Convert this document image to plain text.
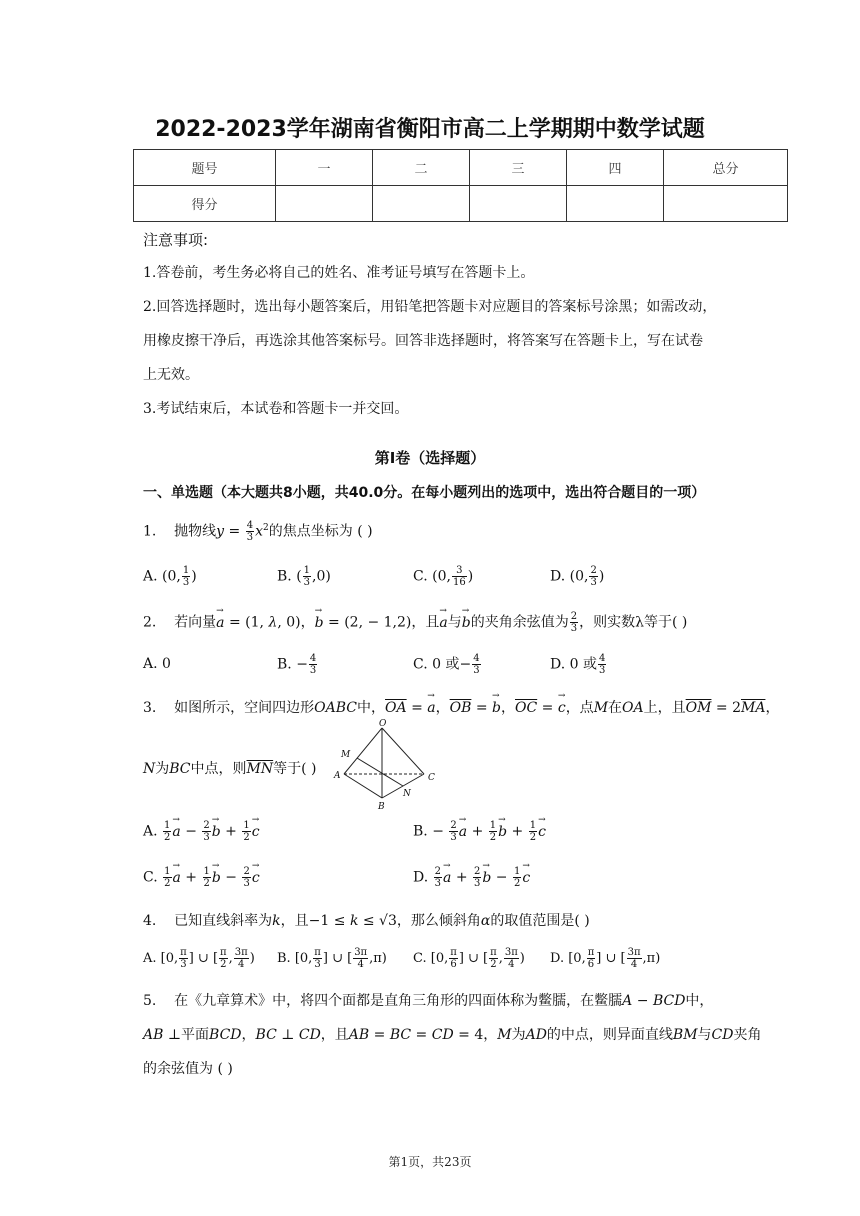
2022-2023学年湖南省衡阳市高二上学期期中数学试题
题号	一	二	三	四	总分
得分					
注意事项:
1.答卷前，考生务必将自己的姓名、准考证号填写在答题卡上。
2.回答选择题时，选出每小题答案后，用铅笔把答题卡对应题目的答案标号涂黑；如需改动，
用橡皮擦干净后，再选涂其他答案标号。回答非选择题时，将答案写在答题卡上，写在试卷
上无效。
3.考试结束后，本试卷和答题卡一并交回。
第I卷（选择题）
一、单选题（本大题共8小题，共40.0分。在每小题列出的选项中，选出符合题目的一项）
1. 抛物线$y = \frac{4}{3} x^2$的焦点坐标为 ( )
A. (0, $\frac{1}{3}$ )	B. ( $\frac{1}{3} ,0$)	C. (0, $\frac{3}{16}$ )	D. (0, $\frac{2}{3}$ )
2. 若向量→ a = (1, λ, 0)，→ b = (2, − 1,2)，且→ a与→ b的夹角余弦值为 $\frac{2}{3}$ ，则实数λ等于( )
A. 0	B. − $\frac{4}{3}$	C. 0 或− $\frac{4}{3}$	D. 0 或 $\frac{4}{3}$
3. 如图所示，空间四边形OABC中，$\overline{OA}$ = → a，$\overline{OB}$ = → b，$\overline{OC}$ = → c，点M在OA上，且$\overline{OM} = 2\overline{MA}$，
N为BC中点，则$\overline{MN}$等于( )
O
M
A
B
C
N
A. $\frac{1}{2} \to a - \frac{2}{3} \to b + \frac{1}{2} \to c$	B. − $\frac{2}{3} \to a + \frac{1}{2} \to b + \frac{1}{2} \to c$
C. $\frac{1}{2} \to a + \frac{1}{2} \to b - \frac{2}{3} \to c$	D. $\frac{2}{3} \to a + \frac{2}{3} \to b - \frac{1}{2} \to c$
4. 已知直线斜率为k，且−1 ≤ k ≤ √3，那么倾斜角α的取值范围是( )
A. [0, $\frac{\pi}{3}$ ] ∪ [ $\frac{\pi}{2}$ , $\frac{3\pi}{4}$ ) B. [0, $\frac{\pi}{3}$ ] ∪ [ $\frac{3\pi}{4} ,\pi$) C. [0, $\frac{\pi}{6}$ ] ∪ [ $\frac{\pi}{2}$ , $\frac{3\pi}{4}$ ) D. [0, $\frac{\pi}{6}$ ] ∪ [ $\frac{3\pi}{4} ,\pi$)
5. 在《九章算术》中，将四个面都是直角三角形的四面体称为鳖臑，在鳖臑A − BCD中，
AB ⊥平面BCD，BC ⊥ CD，且AB = BC = CD = 4，M为AD的中点，则异面直线BM与CD夹角
的余弦值为 ( )
第1页，共23页
